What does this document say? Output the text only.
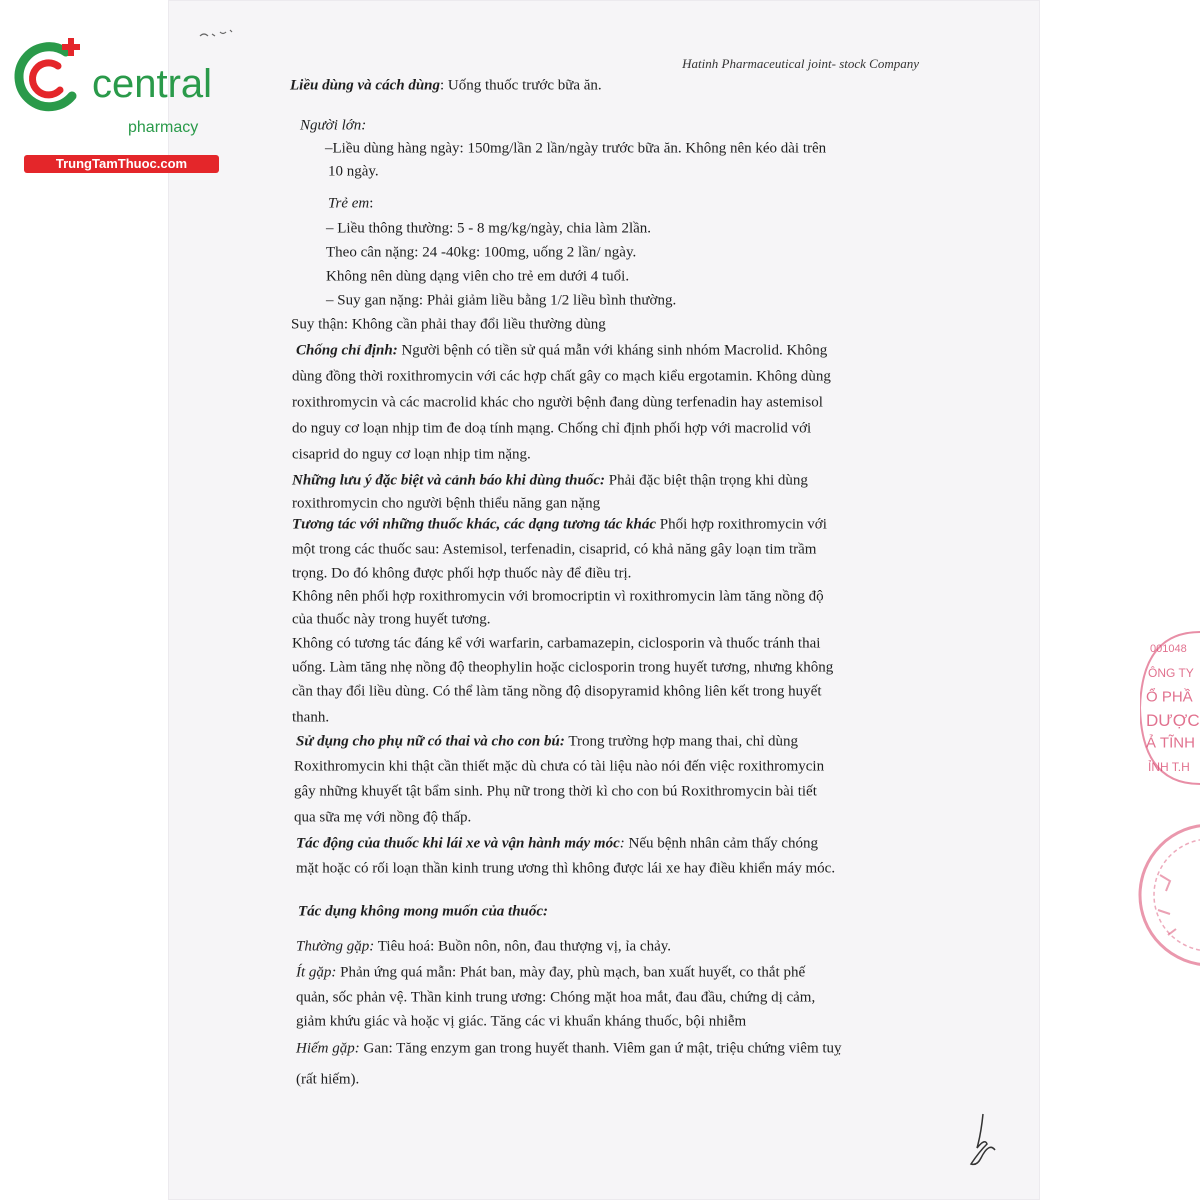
central
pharmacy
TrungTamThuoc.com
Hatinh Pharmaceutical joint- stock Company
Liều dùng và cách dùng: Uống thuốc trước bữa ăn.
Người lớn:
–Liều dùng hàng ngày: 150mg/lần 2 lần/ngày trước bữa ăn. Không nên kéo dài trên
10 ngày.
Trẻ em:
– Liều thông thường: 5 - 8 mg/kg/ngày, chia làm 2lần.
Theo cân nặng: 24 -40kg: 100mg, uống 2 lần/ ngày.
Không nên dùng dạng viên cho trẻ em dưới 4 tuổi.
– Suy gan nặng: Phải giảm liều bằng 1/2 liều bình thường.
Suy thận: Không cần phải thay đổi liều thường dùng
Chống chỉ định: Người bệnh có tiền sử quá mẫn với kháng sinh nhóm Macrolid. Không
dùng đồng thời roxithromycin với các hợp chất gây co mạch kiểu ergotamin. Không dùng
roxithromycin và các macrolid khác cho người bệnh đang dùng terfenadin hay astemisol
do nguy cơ loạn nhịp tim đe doạ tính mạng. Chống chỉ định phối hợp với macrolid với
cisaprid do nguy cơ loạn nhịp tim nặng.
Những lưu ý đặc biệt và cảnh báo khi dùng thuốc: Phải đặc biệt thận trọng khi dùng
roxithromycin cho người bệnh thiểu năng gan nặng
Tương tác với những thuốc khác, các dạng tương tác khác Phối hợp roxithromycin với
một trong các thuốc sau: Astemisol, terfenadin, cisaprid, có khả năng gây loạn tim trầm
trọng. Do đó không được phối hợp thuốc này để điều trị.
Không nên phối hợp roxithromycin với bromocriptin vì roxithromycin làm tăng nồng độ
của thuốc này trong huyết tương.
Không có tương tác đáng kể với warfarin, carbamazepin, ciclosporin và thuốc tránh thai
uống. Làm tăng nhẹ nồng độ theophylin hoặc ciclosporin trong huyết tương, nhưng không
cần thay đổi liều dùng. Có thể làm tăng nồng độ disopyramid không liên kết trong huyết
thanh.
Sử dụng cho phụ nữ có thai và cho con bú: Trong trường hợp mang thai, chỉ dùng
Roxithromycin khi thật cần thiết mặc dù chưa có tài liệu nào nói đến việc roxithromycin
gây những khuyết tật bẩm sinh. Phụ nữ trong thời kì cho con bú Roxithromycin bài tiết
qua sữa mẹ với nồng độ thấp.
Tác động của thuốc khi lái xe và vận hành máy móc: Nếu bệnh nhân cảm thấy chóng
mặt hoặc có rối loạn thần kinh trung ương thì không được lái xe hay điều khiển máy móc.
Tác dụng không mong muốn của thuốc:
Thường gặp: Tiêu hoá: Buồn nôn, nôn, đau thượng vị, ỉa chảy.
Ít gặp: Phản ứng quá mẫn: Phát ban, mày đay, phù mạch, ban xuất huyết, co thắt phế
quản, sốc phản vệ. Thần kinh trung ương: Chóng mặt hoa mắt, đau đầu, chứng dị cảm,
giảm khứu giác và hoặc vị giác. Tăng các vi khuẩn kháng thuốc, bội nhiễm
Hiếm gặp: Gan: Tăng enzym gan trong huyết thanh. Viêm gan ứ mật, triệu chứng viêm tuỵ
(rất hiếm).
001048
ÔNG TY
Ổ PHẦ
DƯỢC
Ả TĨNH
ỈNH T.H
